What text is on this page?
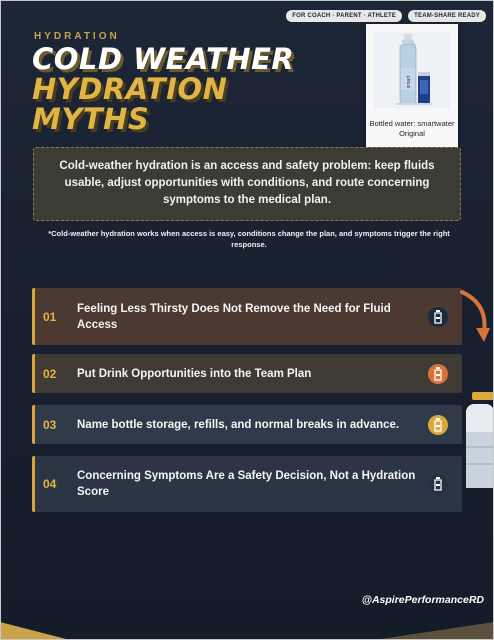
FOR COACH · PARENT · ATHLETE	TEAM-SHARE READY
HYDRATION
COLD WEATHER
HYDRATION
MYTHS
smart
Bottled water: smartwater
Original
Cold-weather hydration is an access and safety problem: keep fluids usable, adjust opportunities with conditions, and route concerning symptoms to the medical plan.
*Cold-weather hydration works when access is easy, conditions change the plan, and symptoms trigger the right response.
01
Feeling Less Thirsty Does Not Remove the Need for Fluid Access
02	Put Drink Opportunities into the Team Plan
03	Name bottle storage, refills, and normal breaks in advance.
04
Concerning Symptoms Are a Safety Decision, Not a Hydration Score
@AspirePerformanceRD
